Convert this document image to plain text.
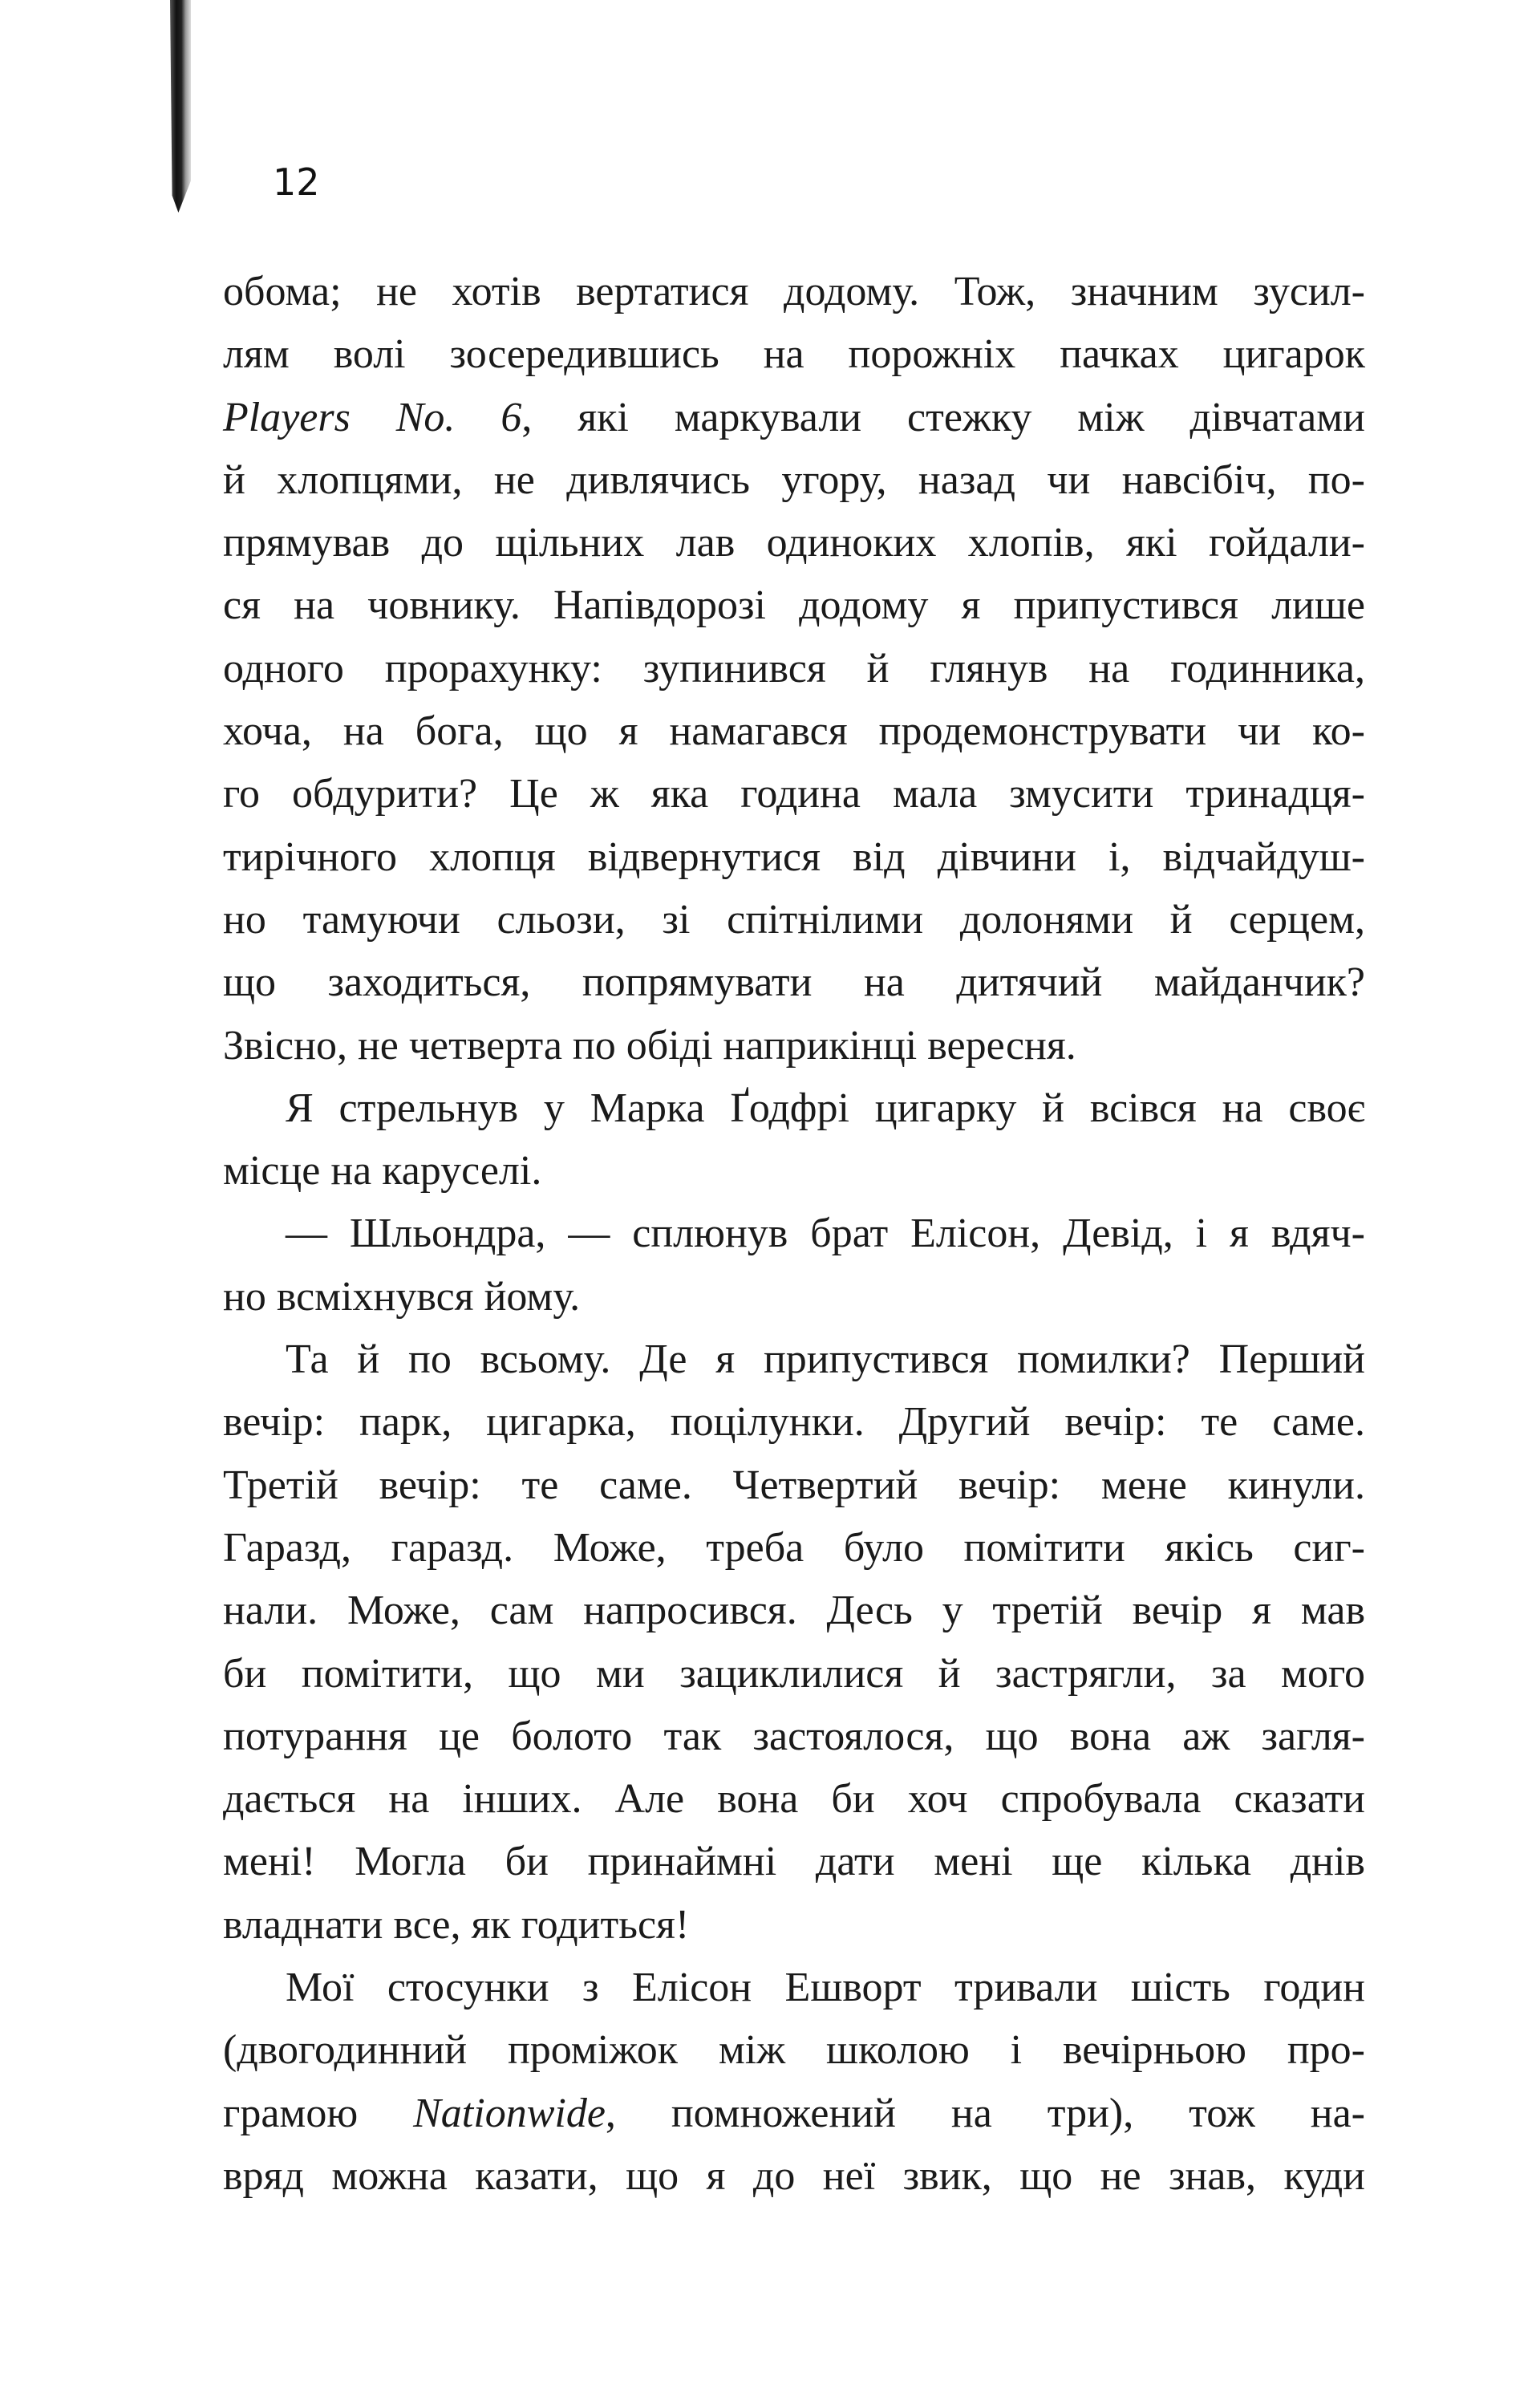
12
обома; не хотів вертатися додому. Тож, значним зусил-
лям волі зосередившись на порожніх пачках цигарок
Players No. 6, які маркували стежку між дівчатами
й хлопцями, не дивлячись угору, назад чи навсібіч, по-
прямував до щільних лав одиноких хлопів, які гойдали-
ся на човнику. Напівдорозі додому я припустився лише
одного прорахунку: зупинився й глянув на годинника,
хоча, на бога, що я намагався продемонструвати чи ко-
го обдурити? Це ж яка година мала змусити тринадця-
тирічного хлопця відвернутися від дівчини і, відчайдуш-
но тамуючи сльози, зі спітнілими долонями й серцем,
що заходиться, попрямувати на дитячий майданчик?
Звісно, не четверта по обіді наприкінці вересня.
Я стрельнув у Марка Ґодфрі цигарку й всівся на своє
місце на каруселі.
— Шльондра, — сплюнув брат Елісон, Девід, і я вдяч-
но всміхнувся йому.
Та й по всьому. Де я припустився помилки? Перший
вечір: парк, цигарка, поцілунки. Другий вечір: те саме.
Третій вечір: те саме. Четвертий вечір: мене кинули.
Гаразд, гаразд. Може, треба було помітити якісь сиг-
нали. Може, сам напросився. Десь у третій вечір я мав
би помітити, що ми зациклилися й застрягли, за мого
потурання це болото так застоялося, що вона аж загля-
дається на інших. Але вона би хоч спробувала сказати
мені! Могла би принаймні дати мені ще кілька днів
владнати все, як годиться!
Мої стосунки з Елісон Ешворт тривали шість годин
(двогодинний проміжок між школою і вечірньою про-
грамою Nationwide, помножений на три), тож на-
вряд можна казати, що я до неї звик, що не знав, куди
